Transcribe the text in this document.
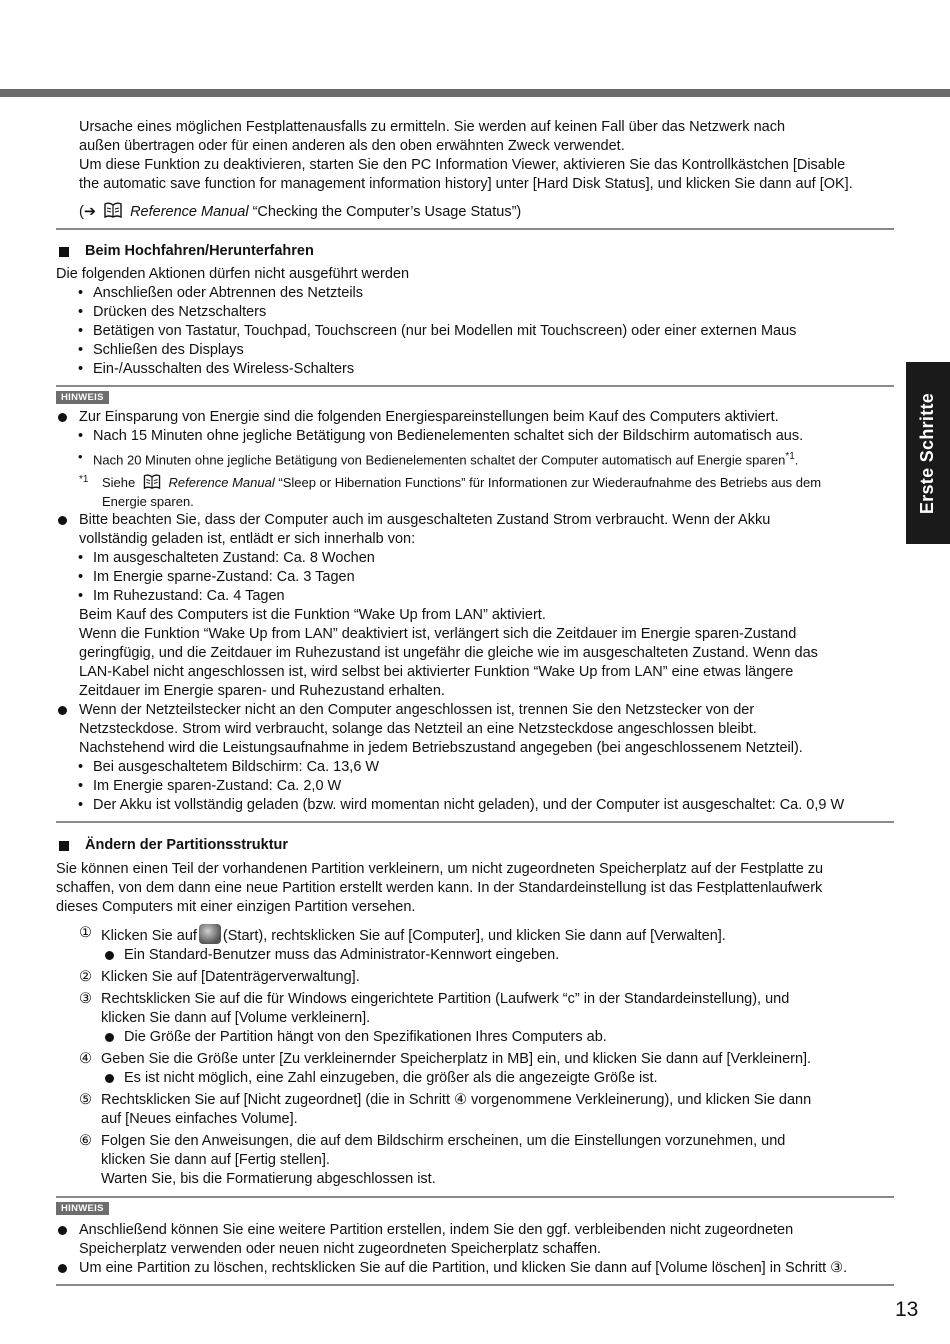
Erste Schritte

Ursache eines möglichen Festplattenausfalls zu ermitteln. Sie werden auf keinen Fall über das Netzwerk nach

außen übertragen oder für einen anderen als den oben erwähnten Zweck verwendet.

Um diese Funktion zu deaktivieren, starten Sie den PC Information Viewer, aktivieren Sie das Kontrollkästchen [Disable

the automatic save function for management information history] unter [Hard Disk Status], und klicken Sie dann auf [OK].

(➔ Reference Manual “Checking the Computer’s Usage Status”)

Beim Hochfahren/Herunterfahren

Die folgenden Aktionen dürfen nicht ausgeführt werden

• Anschließen oder Abtrennen des Netzteils
• Drücken des Netzschalters
• Betätigen von Tastatur, Touchpad, Touchscreen (nur bei Modellen mit Touchscreen) oder einer externen Maus
• Schließen des Displays
• Ein-/Ausschalten des Wireless-Schalters
HINWEIS
Zur Einsparung von Energie sind die folgenden Energiespareinstellungen beim Kauf des Computers aktiviert.
• Nach 15 Minuten ohne jegliche Betätigung von Bedienelementen schaltet sich der Bildschirm automatisch aus.
• Nach 20 Minuten ohne jegliche Betätigung von Bedienelementen schaltet der Computer automatisch auf Energie sparen$^{*1}$.
*1 Siehe	Reference Manual “Sleep or Hibernation Functions” für Informationen zur Wiederaufnahme des Betriebs aus dem
Energie sparen.
Bitte beachten Sie, dass der Computer auch im ausgeschalteten Zustand Strom verbraucht. Wenn der Akku
vollständig geladen ist, entlädt er sich innerhalb von:
• Im ausgeschalteten Zustand: Ca. 8 Wochen
• Im Energie sparne-Zustand: Ca. 3 Tagen
• Im Ruhezustand: Ca. 4 Tagen

Beim Kauf des Computers ist die Funktion “Wake Up from LAN” aktiviert.

Wenn die Funktion “Wake Up from LAN” deaktiviert ist, verlängert sich die Zeitdauer im Energie sparen-Zustand

geringfügig, und die Zeitdauer im Ruhezustand ist ungefähr die gleiche wie im ausgeschalteten Zustand. Wenn das

LAN-Kabel nicht angeschlossen ist, wird selbst bei aktivierter Funktion “Wake Up from LAN” eine etwas längere

Zeitdauer im Energie sparen- und Ruhezustand erhalten.

Wenn der Netzteilstecker nicht an den Computer angeschlossen ist, trennen Sie den Netzstecker von der
Netzsteckdose. Strom wird verbraucht, solange das Netzteil an eine Netzsteckdose angeschlossen bleibt.
Nachstehend wird die Leistungsaufnahme in jedem Betriebszustand angegeben (bei angeschlossenem Netzteil).
• Bei ausgeschaltetem Bildschirm: Ca. 13,6 W
• Im Energie sparen-Zustand: Ca. 2,0 W
• Der Akku ist vollständig geladen (bzw. wird momentan nicht geladen), und der Computer ist ausgeschaltet: Ca. 0,9 W

Ändern der Partitionsstruktur

Sie können einen Teil der vorhandenen Partition verkleinern, um nicht zugeordneten Speicherplatz auf der Festplatte zu

schaffen, von dem dann eine neue Partition erstellt werden kann. In der Standardeinstellung ist das Festplattenlaufwerk

dieses Computers mit einer einzigen Partition versehen.

① Klicken Sie auf (Start), rechtsklicken Sie auf [Computer], und klicken Sie dann auf [Verwalten].
Ein Standard-Benutzer muss das Administrator-Kennwort eingeben.
② Klicken Sie auf [Datenträgerverwaltung].
③ Rechtsklicken Sie auf die für Windows eingerichtete Partition (Laufwerk “c” in der Standardeinstellung), und
klicken Sie dann auf [Volume verkleinern].
Die Größe der Partition hängt von den Spezifikationen Ihres Computers ab.
④ Geben Sie die Größe unter [Zu verkleinernder Speicherplatz in MB] ein, und klicken Sie dann auf [Verkleinern].
Es ist nicht möglich, eine Zahl einzugeben, die größer als die angezeigte Größe ist.
⑤ Rechtsklicken Sie auf [Nicht zugeordnet] (die in Schritt ④ vorgenommene Verkleinerung), und klicken Sie dann
auf [Neues einfaches Volume].
⑥ Folgen Sie den Anweisungen, die auf dem Bildschirm erscheinen, um die Einstellungen vorzunehmen, und
klicken Sie dann auf [Fertig stellen].
Warten Sie, bis die Formatierung abgeschlossen ist.
HINWEIS
Anschließend können Sie eine weitere Partition erstellen, indem Sie den ggf. verbleibenden nicht zugeordneten
Speicherplatz verwenden oder neuen nicht zugeordneten Speicherplatz schaffen.
Um eine Partition zu löschen, rechtsklicken Sie auf die Partition, und klicken Sie dann auf [Volume löschen] in Schritt ③.
13
